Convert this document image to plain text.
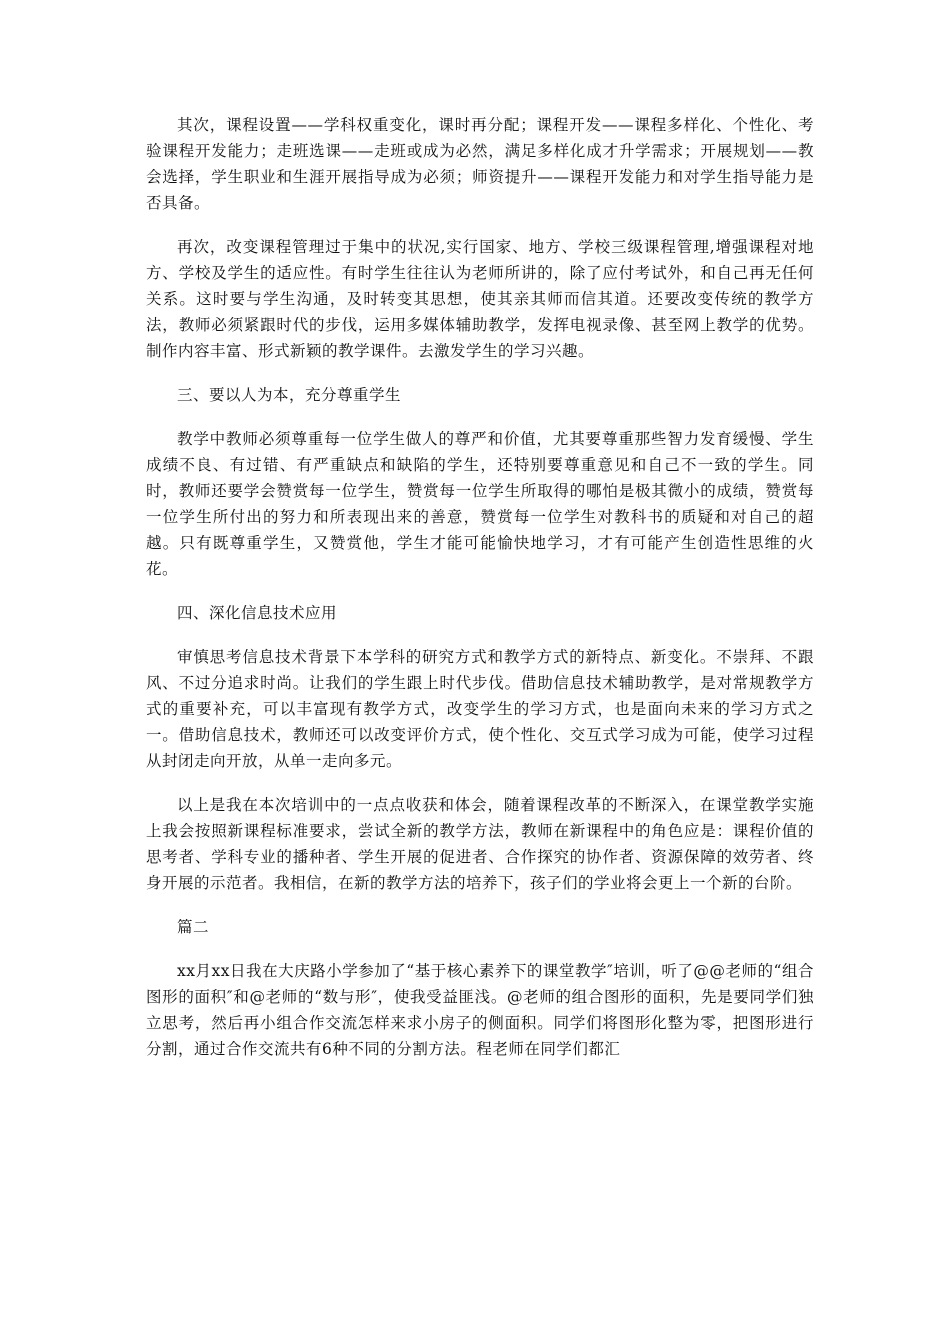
其次，课程设置——学科权重变化，课时再分配；课程开发——课程多样化、个性化、考验课程开发能力；走班选课——走班或成为必然，满足多样化成才升学需求；开展规划——教会选择，学生职业和生涯开展指导成为必须；师资提升——课程开发能力和对学生指导能力是否具备。

再次，改变课程管理过于集中的状况,实行国家、地方、学校三级课程管理,增强课程对地方、学校及学生的适应性。有时学生往往认为老师所讲的，除了应付考试外，和自己再无任何关系。这时要与学生沟通，及时转变其思想，使其亲其师而信其道。还要改变传统的教学方法，教师必须紧跟时代的步伐，运用多媒体辅助教学，发挥电视录像、甚至网上教学的优势。制作内容丰富、形式新颖的教学课件。去激发学生的学习兴趣。

三、要以人为本，充分尊重学生

教学中教师必须尊重每一位学生做人的尊严和价值，尤其要尊重那些智力发育缓慢、学生成绩不良、有过错、有严重缺点和缺陷的学生，还特别要尊重意见和自己不一致的学生。同时，教师还要学会赞赏每一位学生，赞赏每一位学生所取得的哪怕是极其微小的成绩，赞赏每一位学生所付出的努力和所表现出来的善意，赞赏每一位学生对教科书的质疑和对自己的超越。只有既尊重学生，又赞赏他，学生才能可能愉快地学习，才有可能产生创造性思维的火花。

四、深化信息技术应用

审慎思考信息技术背景下本学科的研究方式和教学方式的新特点、新变化。不崇拜、不跟风、不过分追求时尚。让我们的学生跟上时代步伐。借助信息技术辅助教学，是对常规教学方式的重要补充，可以丰富现有教学方式，改变学生的学习方式，也是面向未来的学习方式之一。借助信息技术，教师还可以改变评价方式，使个性化、交互式学习成为可能，使学习过程从封闭走向开放，从单一走向多元。

以上是我在本次培训中的一点点收获和体会，随着课程改革的不断深入，在课堂教学实施上我会按照新课程标准要求，尝试全新的教学方法，教师在新课程中的角色应是：课程价值的思考者、学科专业的播种者、学生开展的促进者、合作探究的协作者、资源保障的效劳者、终身开展的示范者。我相信，在新的教学方法的培养下，孩子们的学业将会更上一个新的台阶。

篇二

xx月xx日我在大庆路小学参加了“基于核心素养下的课堂教学″培训，听了@@老师的“组合图形的面积″和@老师的“数与形″，使我受益匪浅。@老师的组合图形的面积，先是要同学们独立思考，然后再小组合作交流怎样来求小房子的侧面积。同学们将图形化整为零，把图形进行分割，通过合作交流共有6种不同的分割方法。程老师在同学们都汇
